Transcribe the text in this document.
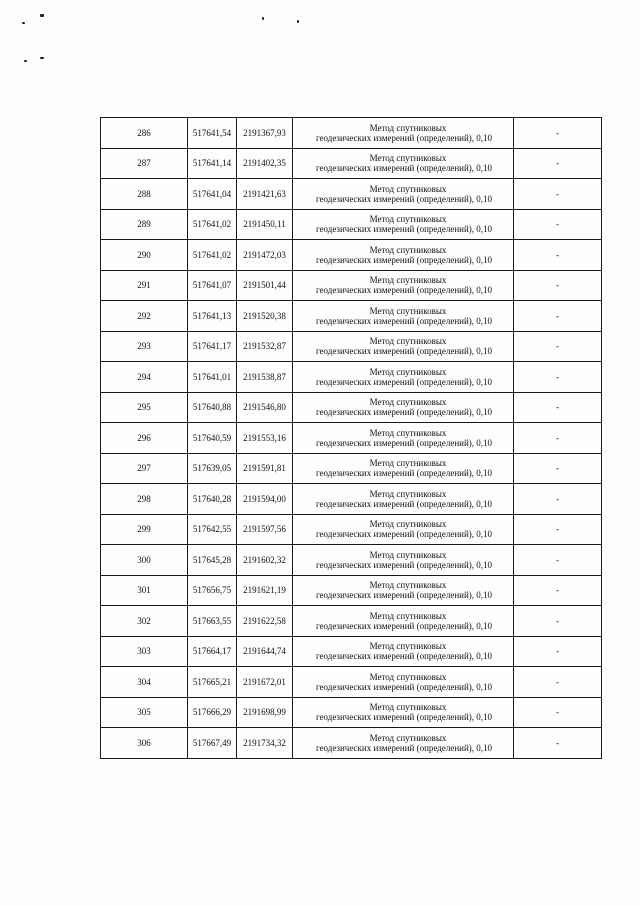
286	517641,54	2191367,93	Метод спутниковых
геодезических измерений (определений), 0,10	-
287	517641,14	2191402,35	Метод спутниковых
геодезических измерений (определений), 0,10	-
288	517641,04	2191421,63	Метод спутниковых
геодезических измерений (определений), 0,10	-
289	517641,02	2191450,11	Метод спутниковых
геодезических измерений (определений), 0,10	-
290	517641,02	2191472,03	Метод спутниковых
геодезических измерений (определений), 0,10	-
291	517641,07	2191501,44	Метод спутниковых
геодезических измерений (определений), 0,10	-
292	517641,13	2191520,38	Метод спутниковых
геодезических измерений (определений), 0,10	-
293	517641,17	2191532,87	Метод спутниковых
геодезических измерений (определений), 0,10	-
294	517641,01	2191538,87	Метод спутниковых
геодезических измерений (определений), 0,10	-
295	517640,88	2191546,80	Метод спутниковых
геодезических измерений (определений), 0,10	-
296	517640,59	2191553,16	Метод спутниковых
геодезических измерений (определений), 0,10	-
297	517639,05	2191591,81	Метод спутниковых
геодезических измерений (определений), 0,10	-
298	517640,28	2191594,00	Метод спутниковых
геодезических измерений (определений), 0,10	-
299	517642,55	2191597,56	Метод спутниковых
геодезических измерений (определений), 0,10	-
300	517645,28	2191602,32	Метод спутниковых
геодезических измерений (определений), 0,10	-
301	517656,75	2191621,19	Метод спутниковых
геодезических измерений (определений), 0,10	-
302	517663,55	2191622,58	Метод спутниковых
геодезических измерений (определений), 0,10	-
303	517664,17	2191644,74	Метод спутниковых
геодезических измерений (определений), 0,10	-
304	517665,21	2191672,01	Метод спутниковых
геодезических измерений (определений), 0,10	-
305	517666,29	2191698,99	Метод спутниковых
геодезических измерений (определений), 0,10	-
306	517667,49	2191734,32	Метод спутниковых
геодезических измерений (определений), 0,10	-
